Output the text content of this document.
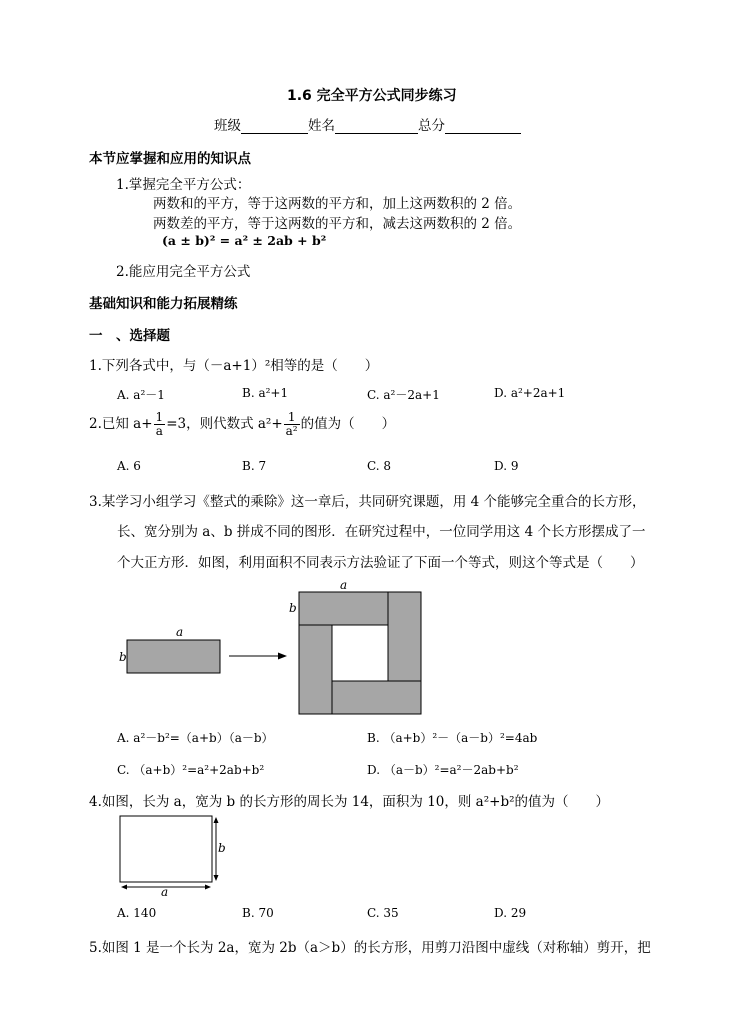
1.6 完全平方公式同步练习
班级	姓名	总分
本节应掌握和应用的知识点
1.掌握完全平方公式：
两数和的平方，等于这两数的平方和，加上这两数积的 2 倍。
两数差的平方，等于这两数的平方和，减去这两数积的 2 倍。
(a ± b)² = a² ± 2ab + b²
2.能应用完全平方公式
基础知识和能力拓展精练
一　、选择题
1.下列各式中，与（－a+1）²相等的是（　　）
A. a²－1	B. a²+1	C. a²－2a+1	D. a²+2a+1
2.已知 $a+ \frac{1}{a} =3$，则代数式 $a^2+ \frac{1}{\text{a²}}$ 的值为（　　）
A. 6	B. 7	C. 8	D. 9
3.某学习小组学习《整式的乘除》这一章后，共同研究课题，用 4 个能够完全重合的长方形，
长、宽分别为 a、b 拼成不同的图形．在研究过程中，一位同学用这 4 个长方形摆成了一
个大正方形．如图，利用面积不同表示方法验证了下面一个等式，则这个等式是（　　）
a
b
a
b
A. a²－b²=（a+b）（a－b）	B. （a+b）²－（a－b）²=4ab
C. （a+b）²=a²+2ab+b²	D. （a－b）²=a²－2ab+b²
4.如图，长为 a，宽为 b 的长方形的周长为 14，面积为 10，则 a²+b²的值为（　　）
a
b
A. 140	B. 70	C. 35	D. 29
5.如图 1 是一个长为 2a，宽为 2b（a＞b）的长方形，用剪刀沿图中虚线（对称轴）剪开，把
